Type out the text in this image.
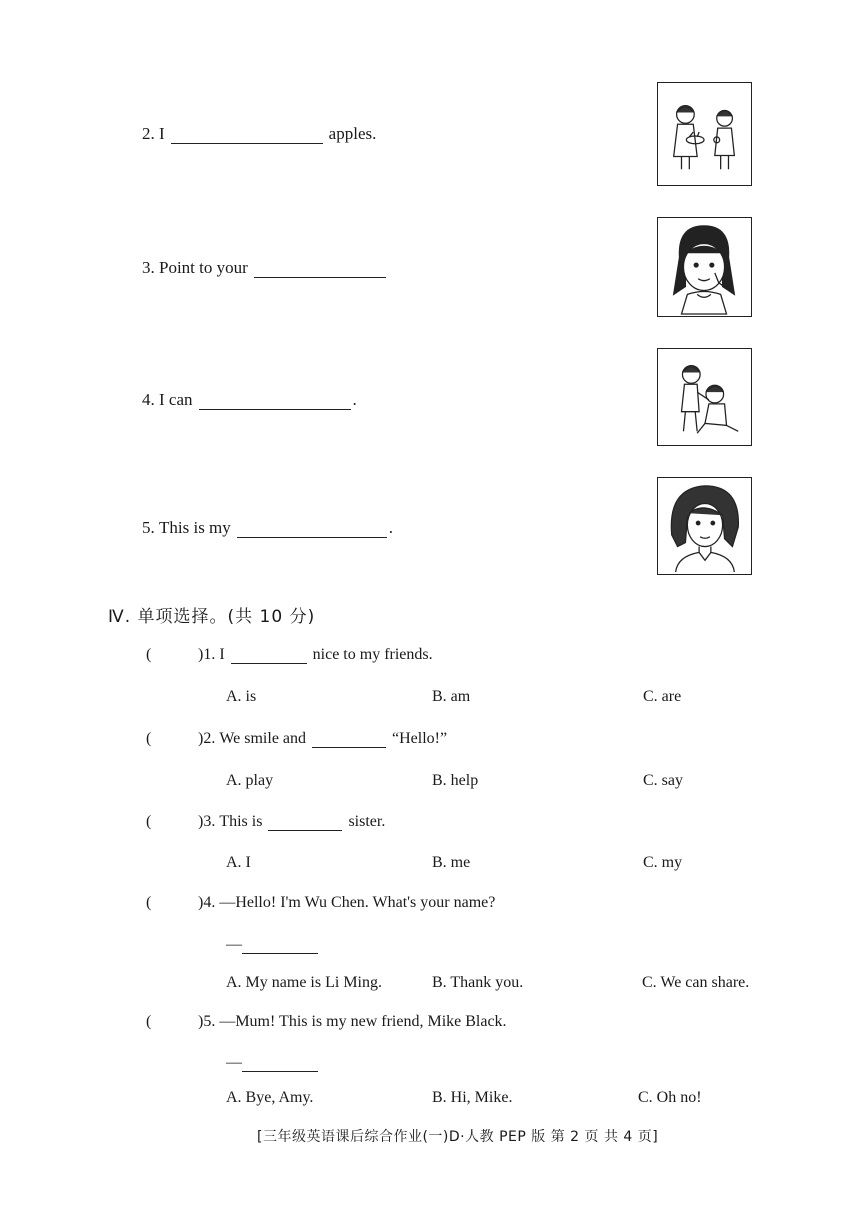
2.
I	apples.
3.
Point to your
4.
I can	.
5.
This is my	.
Ⅳ. 单项选择。(共 10 分)
(	) 1.
I	nice to my friends.
A. is	B. am	C. are
(	) 2.
We smile and	“Hello!”
A. play	B. help	C. say
(	) 3.
This is	sister.
A. I	B. me	C. my
(	) 4.
—Hello! I'm Wu Chen. What's your name?
—
A. My name is Li Ming.	B. Thank you.	C. We can share.
(	) 5.
—Mum! This is my new friend, Mike Black.
—
A. Bye, Amy.	B. Hi, Mike.	C. Oh no!
[三年级英语课后综合作业(一)D·人教 PEP 版 第 2 页 共 4 页]
